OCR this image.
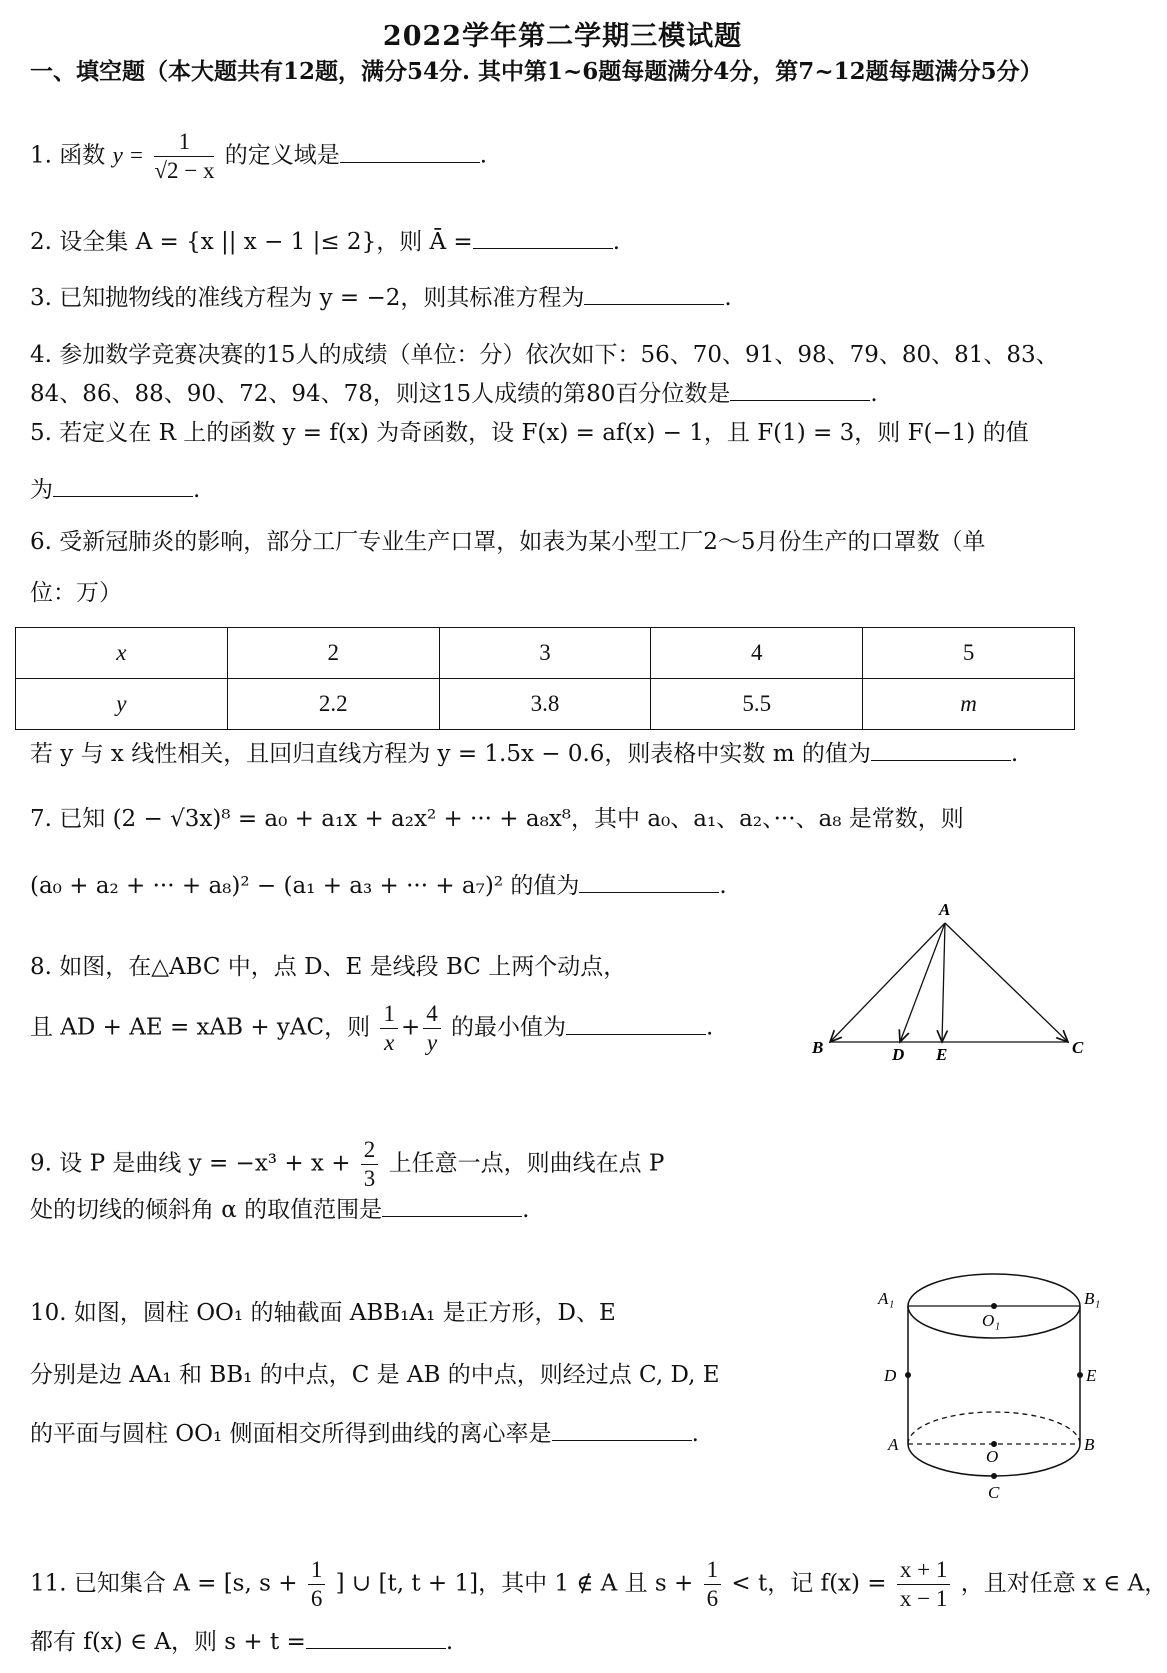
2022学年第二学期三模试题
一、填空题（本大题共有12题，满分54分. 其中第1~6题每题满分4分，第7~12题每题满分5分）
1. 函数 $y = \frac{1}{√2 - x}$ 的定义域是	.
2. 设全集 A = {x || x − 1 |≤ 2}，则 Ā =	.
3. 已知抛物线的准线方程为 y = −2，则其标准方程为	.
4. 参加数学竞赛决赛的15人的成绩（单位：分）依次如下：56、70、91、98、79、80、81、83、
84、86、88、90、72、94、78，则这15人成绩的第80百分位数是	.
5. 若定义在 R 上的函数 y = f(x) 为奇函数，设 F(x) = af(x) − 1，且 F(1) = 3，则 F(−1) 的值
为	.
6. 受新冠肺炎的影响，部分工厂专业生产口罩，如表为某小型工厂2～5月份生产的口罩数（单
位：万）
x	2	3	4	5
y	2.2	3.8	5.5	m
若 y 与 x 线性相关，且回归直线方程为 y = 1.5x − 0.6，则表格中实数 m 的值为	.
7. 已知 (2 − √3x)⁸ = a₀ + a₁x + a₂x² + ··· + a₈x⁸，其中 a₀、a₁、a₂、···、a₈ 是常数，则
(a₀ + a₂ + ··· + a₈)² − (a₁ + a₃ + ··· + a₇)² 的值为	.
8. 如图，在△ABC 中，点 D、E 是线段 BC 上两个动点，
且 AD + AE = xAB + yAC，则 $\frac{1}{x} + \frac{4}{y}$ 的最小值为	.
A
B	D E	C
9. 设 P 是曲线 $y = -x^3 + x + \frac{2}{3}$ 上任意一点，则曲线在点 P
处的切线的倾斜角 α 的取值范围是	.
10. 如图，圆柱 OO₁ 的轴截面 ABB₁A₁ 是正方形，D、E
分别是边 AA₁ 和 BB₁ 的中点，C 是 AB 的中点，则经过点 C, D, E
的平面与圆柱 OO₁ 侧面相交所得到曲线的离心率是	.
A₁	B₁
O₁
D	E
A	B
O
C
11. 已知集合 A = [s, $s + \frac{1}{6}$ ] ∪ [t, t + 1]，其中 1 ∉ A 且 $s + \frac{1}{6} < t$，记 $f(x) = \frac{x + 1}{x - 1}$ ，且对任意 x ∈ A，
都有 f(x) ∈ A，则 s + t =	.
